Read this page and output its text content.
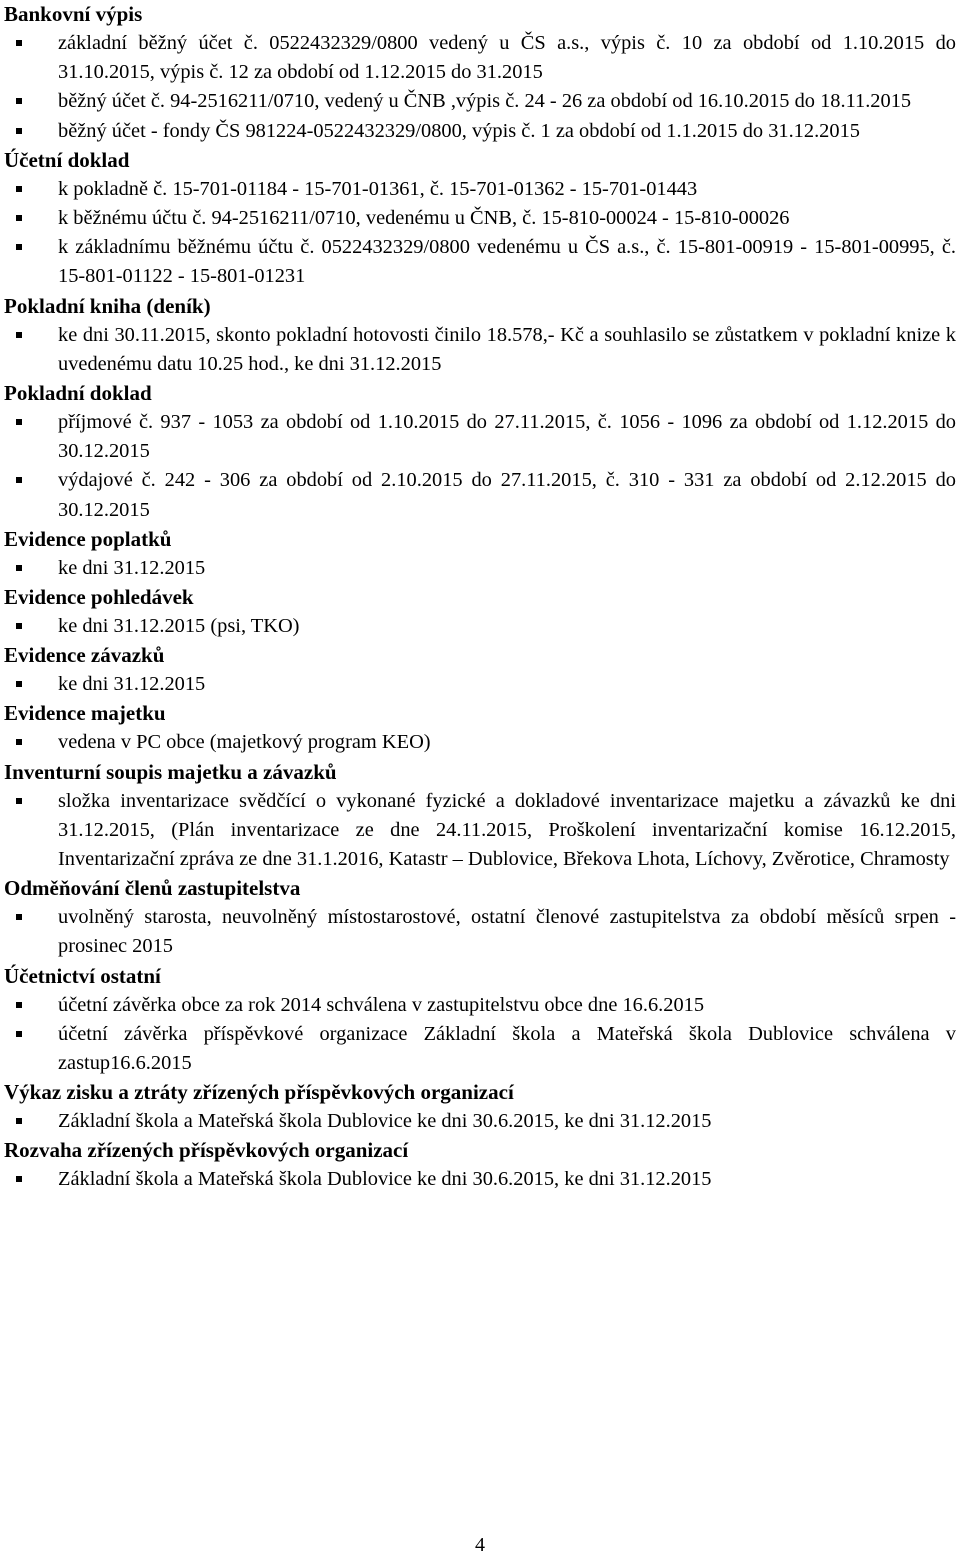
Bankovní výpis
základní běžný účet č. 0522432329/0800 vedený u ČS a.s., výpis č. 10 za období od 1.10.2015 do 31.10.2015, výpis č. 12 za období od 1.12.2015 do 31.2015
běžný účet č. 94-2516211/0710, vedený u ČNB ,výpis č. 24 - 26 za období od 16.10.2015 do 18.11.2015
běžný účet - fondy ČS 981224-0522432329/0800, výpis č. 1 za období od 1.1.2015 do 31.12.2015
Účetní doklad
k pokladně č. 15-701-01184 - 15-701-01361, č. 15-701-01362 - 15-701-01443
k běžnému účtu č. 94-2516211/0710, vedenému u ČNB, č. 15-810-00024 - 15-810-00026
k základnímu běžnému účtu č. 0522432329/0800 vedenému u ČS a.s., č. 15-801-00919 - 15-801-00995, č. 15-801-01122 - 15-801-01231
Pokladní kniha (deník)
ke dni 30.11.2015, skonto pokladní hotovosti činilo 18.578,- Kč a souhlasilo se zůstatkem v pokladní knize k uvedenému datu 10.25 hod., ke dni 31.12.2015
Pokladní doklad
příjmové č. 937 - 1053 za období od 1.10.2015 do 27.11.2015, č. 1056 - 1096 za období od 1.12.2015 do 30.12.2015
výdajové č. 242 - 306 za období od 2.10.2015 do 27.11.2015, č. 310 - 331 za období od 2.12.2015 do 30.12.2015
Evidence poplatků
ke dni 31.12.2015
Evidence pohledávek
ke dni 31.12.2015 (psi, TKO)
Evidence závazků
ke dni 31.12.2015
Evidence majetku
vedena v PC obce (majetkový program KEO)
Inventurní soupis majetku a závazků
složka inventarizace svědčící o vykonané fyzické a dokladové inventarizace majetku a závazků ke dni 31.12.2015, (Plán inventarizace ze dne 24.11.2015, Proškolení inventarizační komise 16.12.2015, Inventarizační zpráva ze dne 31.1.2016, Katastr – Dublovice, Břekova Lhota, Líchovy, Zvěrotice, Chramosty
Odměňování členů zastupitelstva
uvolněný starosta, neuvolněný místostarostové, ostatní členové zastupitelstva za období měsíců srpen - prosinec 2015
Účetnictví ostatní
účetní závěrka obce za rok 2014 schválena v zastupitelstvu obce dne 16.6.2015
účetní závěrka příspěvkové organizace Základní škola a Mateřská škola Dublovice schválena v zastup16.6.2015
Výkaz zisku a ztráty zřízených příspěvkových organizací
Základní škola a Mateřská škola Dublovice ke dni 30.6.2015, ke dni 31.12.2015
Rozvaha zřízených příspěvkových organizací
Základní škola a Mateřská škola Dublovice ke dni 30.6.2015, ke dni 31.12.2015
4
